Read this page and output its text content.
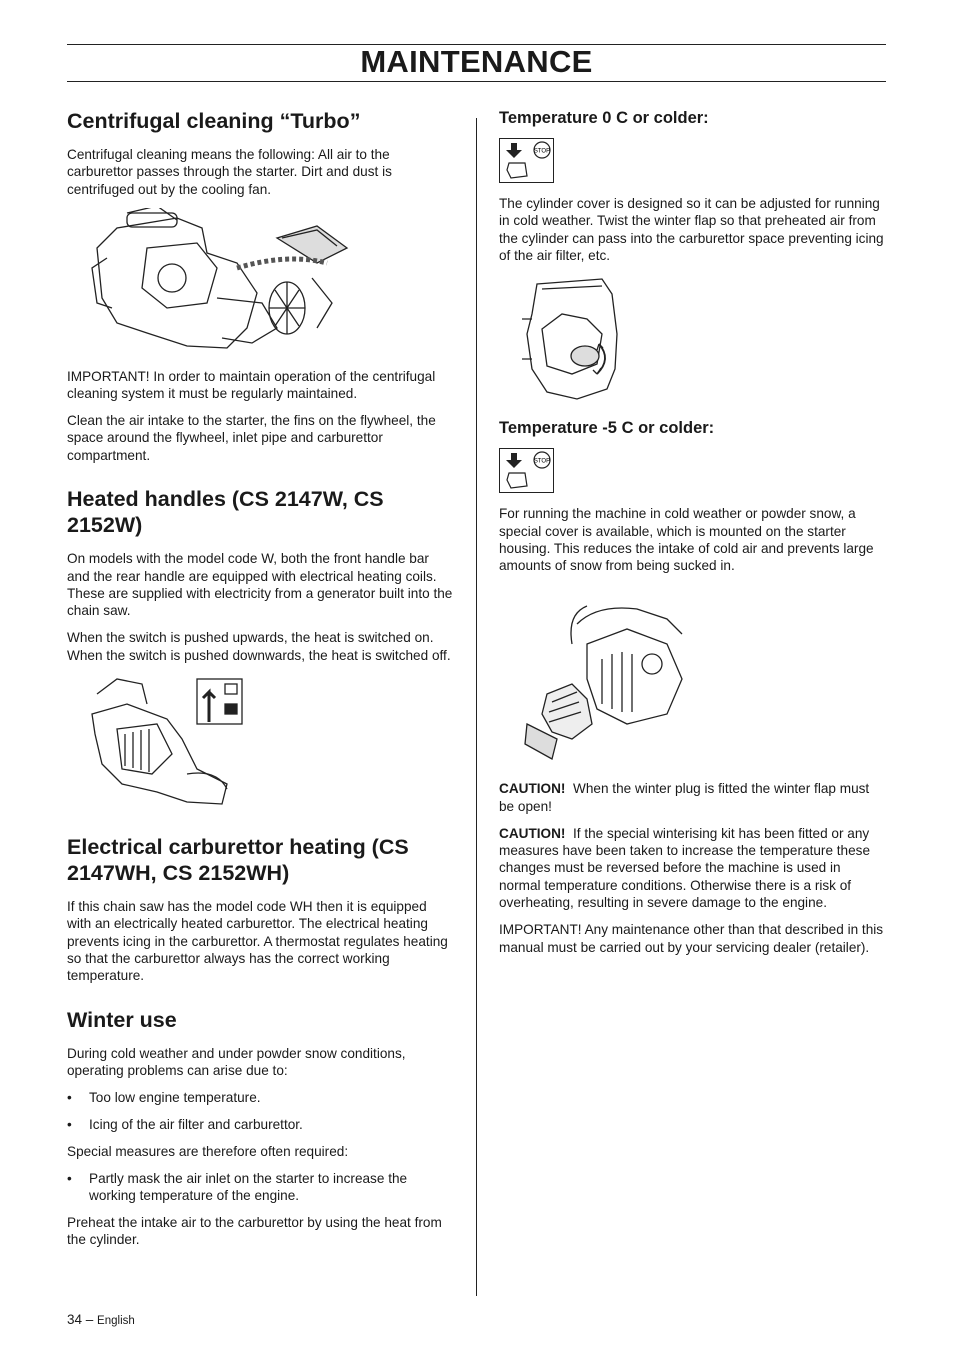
MAINTENANCE
Centrifugal cleaning “Turbo”

Centrifugal cleaning means the following: All air to the carburettor passes through the starter. Dirt and dust is centrifuged out by the cooling fan.

IMPORTANT! In order to maintain operation of the centrifugal cleaning system it must be regularly maintained.

Clean the air intake to the starter, the fins on the flywheel, the space around the flywheel, inlet pipe and carburettor compartment.

Heated handles (CS 2147W, CS 2152W)

On models with the model code W, both the front handle bar and the rear handle are equipped with electrical heating coils. These are supplied with electricity from a generator built into the chain saw.

When the switch is pushed upwards, the heat is switched on. When the switch is pushed downwards, the heat is switched off.

Electrical carburettor heating (CS 2147WH, CS 2152WH)

If this chain saw has the model code WH then it is equipped with an electrically heated carburettor. The electrical heating prevents icing in the carburettor. A thermostat regulates heating so that the carburettor always has the correct working temperature.

Winter use

During cold weather and under powder snow conditions, operating problems can arise due to:

• Too low engine temperature.
• Icing of the air filter and carburettor.

Special measures are therefore often required:

• Partly mask the air inlet on the starter to increase the working temperature of the engine.

Preheat the intake air to the carburettor by using the heat from the cylinder.

Temperature 0 C or colder:
STOP

The cylinder cover is designed so it can be adjusted for running in cold weather. Twist the winter flap so that preheated air from the cylinder can pass into the carburettor space preventing icing of the air filter, etc.

Temperature -5 C or colder:
STOP

For running the machine in cold weather or powder snow, a special cover is available, which is mounted on the starter housing. This reduces the intake of cold air and prevents large amounts of snow from being sucked in.

CAUTION! When the winter plug is fitted the winter flap must be open!

CAUTION! If the special winterising kit has been fitted or any measures have been taken to increase the temperature these changes must be reversed before the machine is used in normal temperature conditions. Otherwise there is a risk of overheating, resulting in severe damage to the engine.

IMPORTANT! Any maintenance other than that described in this manual must be carried out by your servicing dealer (retailer).

34 – English
